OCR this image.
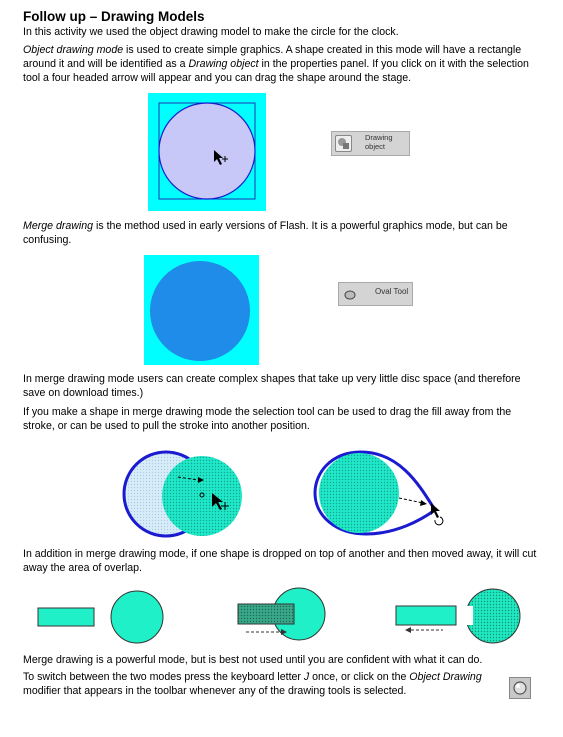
Follow up – Drawing Models

In this activity we used the object drawing model to make the circle for the clock.

Object drawing mode is used to create simple graphics. A shape created in this mode will have a rectangle around it and will be identified as a Drawing object in the properties panel. If you click on it with the selection tool a four headed arrow will appear and you can drag the shape around the stage.

Drawing object

Merge drawing is the method used in early versions of Flash. It is a powerful graphics mode, but can be confusing.

Oval Tool

In merge drawing mode users can create complex shapes that take up very little disc space (and therefore save on download times.)

If you make a shape in merge drawing mode the selection tool can be used to drag the fill away from the stroke, or can be used to pull the stroke into another position.

In addition in merge drawing mode, if one shape is dropped on top of another and then moved away, it will cut away the area of overlap.

Merge drawing is a powerful mode, but is best not used until you are confident with what it can do.

To switch between the two modes press the keyboard letter J once, or click on the Object Drawing modifier that appears in the toolbar whenever any of the drawing tools is selected.
